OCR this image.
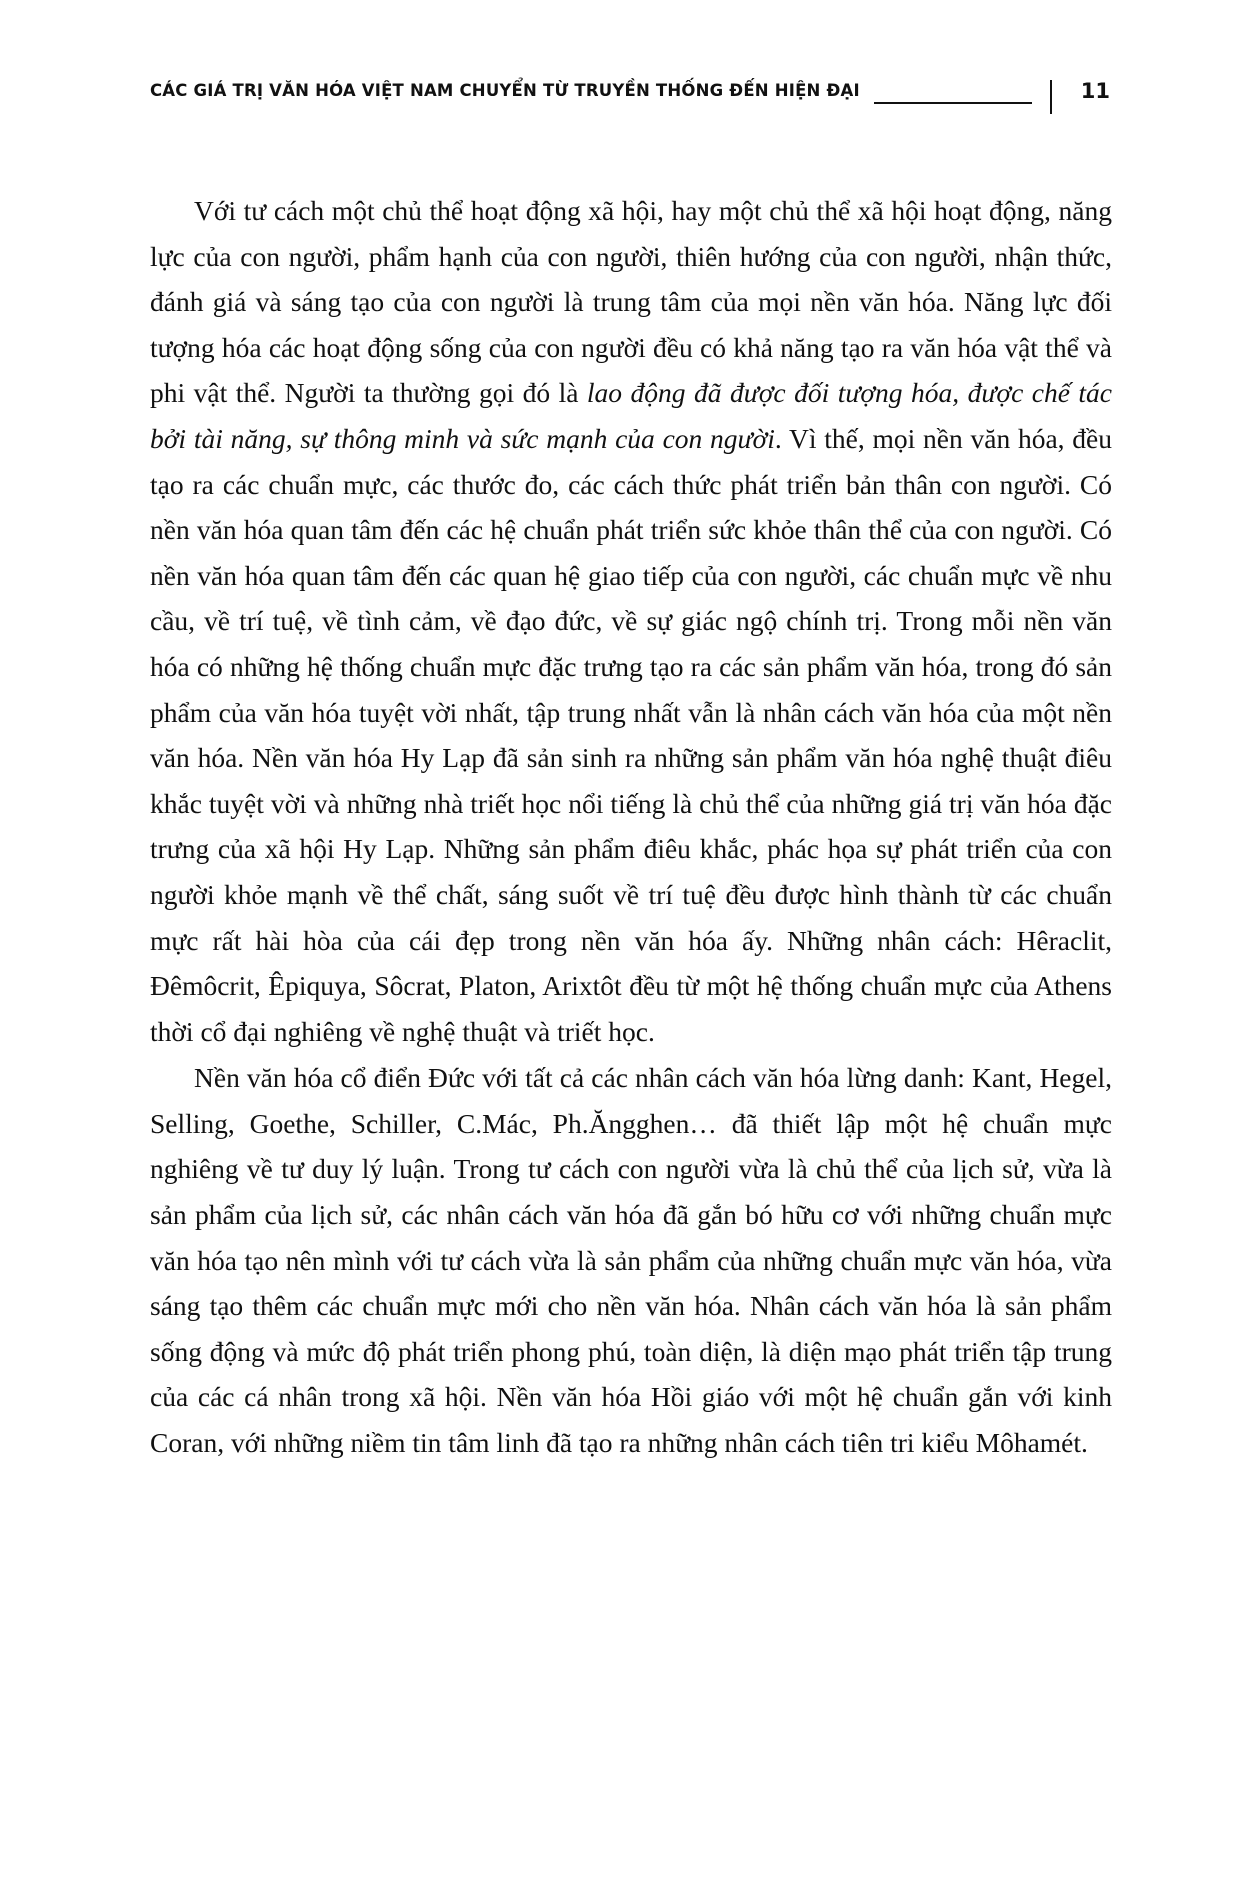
CÁC GIÁ TRỊ VĂN HÓA VIỆT NAM CHUYỂN TỪ TRUYỀN THỐNG ĐẾN HIỆN ĐẠI	11

Với tư cách một chủ thể hoạt động xã hội, hay một chủ thể xã hội hoạt động, năng lực của con người, phẩm hạnh của con người, thiên hướng của con người, nhận thức, đánh giá và sáng tạo của con người là trung tâm của mọi nền văn hóa. Năng lực đối tượng hóa các hoạt động sống của con người đều có khả năng tạo ra văn hóa vật thể và phi vật thể. Người ta thường gọi đó là lao động đã được đối tượng hóa, được chế tác bởi tài năng, sự thông minh và sức mạnh của con người. Vì thế, mọi nền văn hóa, đều tạo ra các chuẩn mực, các thước đo, các cách thức phát triển bản thân con người. Có nền văn hóa quan tâm đến các hệ chuẩn phát triển sức khỏe thân thể của con người. Có nền văn hóa quan tâm đến các quan hệ giao tiếp của con người, các chuẩn mực về nhu cầu, về trí tuệ, về tình cảm, về đạo đức, về sự giác ngộ chính trị. Trong mỗi nền văn hóa có những hệ thống chuẩn mực đặc trưng tạo ra các sản phẩm văn hóa, trong đó sản phẩm của văn hóa tuyệt vời nhất, tập trung nhất vẫn là nhân cách văn hóa của một nền văn hóa. Nền văn hóa Hy Lạp đã sản sinh ra những sản phẩm văn hóa nghệ thuật điêu khắc tuyệt vời và những nhà triết học nổi tiếng là chủ thể của những giá trị văn hóa đặc trưng của xã hội Hy Lạp. Những sản phẩm điêu khắc, phác họa sự phát triển của con người khỏe mạnh về thể chất, sáng suốt về trí tuệ đều được hình thành từ các chuẩn mực rất hài hòa của cái đẹp trong nền văn hóa ấy. Những nhân cách: Hêraclit, Đêmôcrit, Êpiquya, Sôcrat, Platon, Arixtôt đều từ một hệ thống chuẩn mực của Athens thời cổ đại nghiêng về nghệ thuật và triết học.

Nền văn hóa cổ điển Đức với tất cả các nhân cách văn hóa lừng danh: Kant, Hegel, Selling, Goethe, Schiller, C.Mác, Ph.Ăngghen… đã thiết lập một hệ chuẩn mực nghiêng về tư duy lý luận. Trong tư cách con người vừa là chủ thể của lịch sử, vừa là sản phẩm của lịch sử, các nhân cách văn hóa đã gắn bó hữu cơ với những chuẩn mực văn hóa tạo nên mình với tư cách vừa là sản phẩm của những chuẩn mực văn hóa, vừa sáng tạo thêm các chuẩn mực mới cho nền văn hóa. Nhân cách văn hóa là sản phẩm sống động và mức độ phát triển phong phú, toàn diện, là diện mạo phát triển tập trung của các cá nhân trong xã hội. Nền văn hóa Hồi giáo với một hệ chuẩn gắn với kinh Coran, với những niềm tin tâm linh đã tạo ra những nhân cách tiên tri kiểu Môhamét.
